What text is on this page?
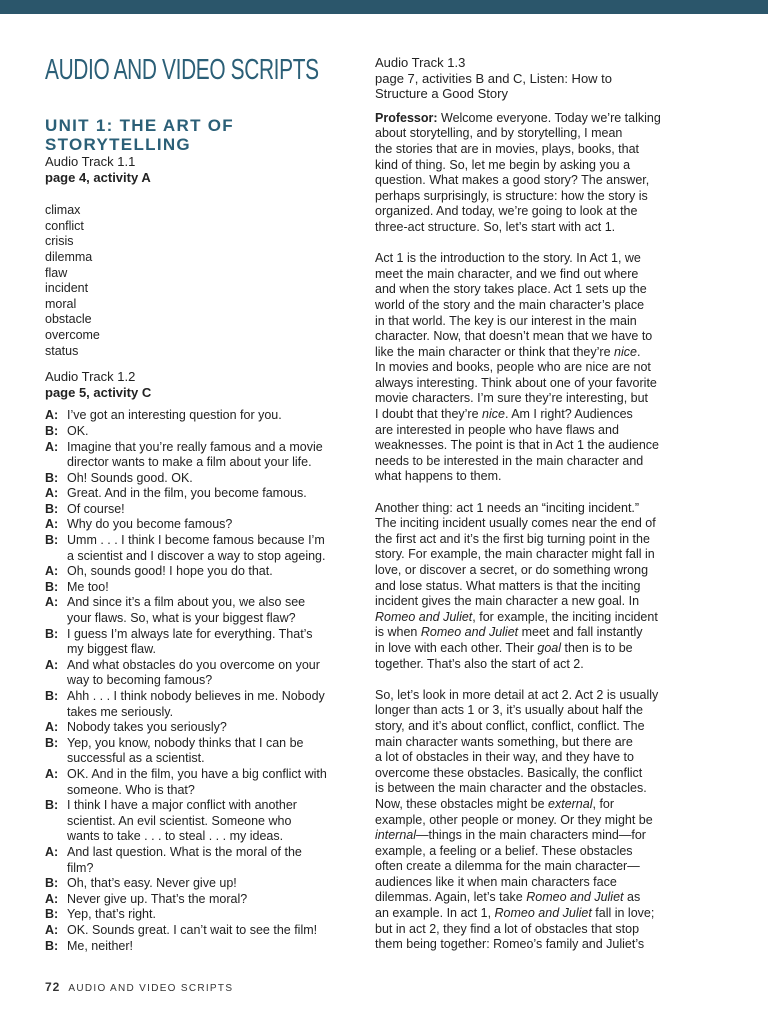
AUDIO AND VIDEO SCRIPTS
UNIT 1: THE ART OF STORYTELLING
Audio Track 1.1
page 4, activity A
climax
conflict
crisis
dilemma
flaw
incident
moral
obstacle
overcome
status
Audio Track 1.2
page 5, activity C
A: I’ve got an interesting question for you.
B: OK.
A: Imagine that you’re really famous and a movie
director wants to make a film about your life.
B: Oh! Sounds good. OK.
A: Great. And in the film, you become famous.
B: Of course!
A: Why do you become famous?
B: Umm . . . I think I become famous because I’m
a scientist and I discover a way to stop ageing.
A: Oh, sounds good! I hope you do that.
B: Me too!
A: And since it’s a film about you, we also see
your flaws. So, what is your biggest flaw?
B: I guess I’m always late for everything. That’s
my biggest flaw.
A: And what obstacles do you overcome on your
way to becoming famous?
B: Ahh . . . I think nobody believes in me. Nobody
takes me seriously.
A: Nobody takes you seriously?
B: Yep, you know, nobody thinks that I can be
successful as a scientist.
A: OK. And in the film, you have a big conflict with
someone. Who is that?
B: I think I have a major conflict with another
scientist. An evil scientist. Someone who
wants to take . . . to steal . . . my ideas.
A: And last question. What is the moral of the
film?
B: Oh, that’s easy. Never give up!
A: Never give up. That’s the moral?
B: Yep, that’s right.
A: OK. Sounds great. I can’t wait to see the film!
B: Me, neither!
Audio Track 1.3
page 7, activities B and C, Listen: How to
Structure a Good Story
Professor: Welcome everyone. Today we’re talking
about storytelling, and by storytelling, I mean
the stories that are in movies, plays, books, that
kind of thing. So, let me begin by asking you a
question. What makes a good story? The answer,
perhaps surprisingly, is structure: how the story is
organized. And today, we’re going to look at the
three-act structure. So, let’s start with act 1.
Act 1 is the introduction to the story. In Act 1, we
meet the main character, and we find out where
and when the story takes place. Act 1 sets up the
world of the story and the main character’s place
in that world. The key is our interest in the main
character. Now, that doesn’t mean that we have to
like the main character or think that they’re nice.
In movies and books, people who are nice are not
always interesting. Think about one of your favorite
movie characters. I’m sure they’re interesting, but
I doubt that they’re nice. Am I right? Audiences
are interested in people who have flaws and
weaknesses. The point is that in Act 1 the audience
needs to be interested in the main character and
what happens to them.
Another thing: act 1 needs an “inciting incident.”
The inciting incident usually comes near the end of
the first act and it’s the first big turning point in the
story. For example, the main character might fall in
love, or discover a secret, or do something wrong
and lose status. What matters is that the inciting
incident gives the main character a new goal. In
Romeo and Juliet, for example, the inciting incident
is when Romeo and Juliet meet and fall instantly
in love with each other. Their goal then is to be
together. That’s also the start of act 2.
So, let’s look in more detail at act 2. Act 2 is usually
longer than acts 1 or 3, it’s usually about half the
story, and it’s about conflict, conflict, conflict. The
main character wants something, but there are
a lot of obstacles in their way, and they have to
overcome these obstacles. Basically, the conflict
is between the main character and the obstacles.
Now, these obstacles might be external, for
example, other people or money. Or they might be
internal—things in the main characters mind—for
example, a feeling or a belief. These obstacles
often create a dilemma for the main character—
audiences like it when main characters face
dilemmas. Again, let’s take Romeo and Juliet as
an example. In act 1, Romeo and Juliet fall in love;
but in act 2, they find a lot of obstacles that stop
them being together: Romeo’s family and Juliet’s
72 AUDIO AND VIDEO SCRIPTS
